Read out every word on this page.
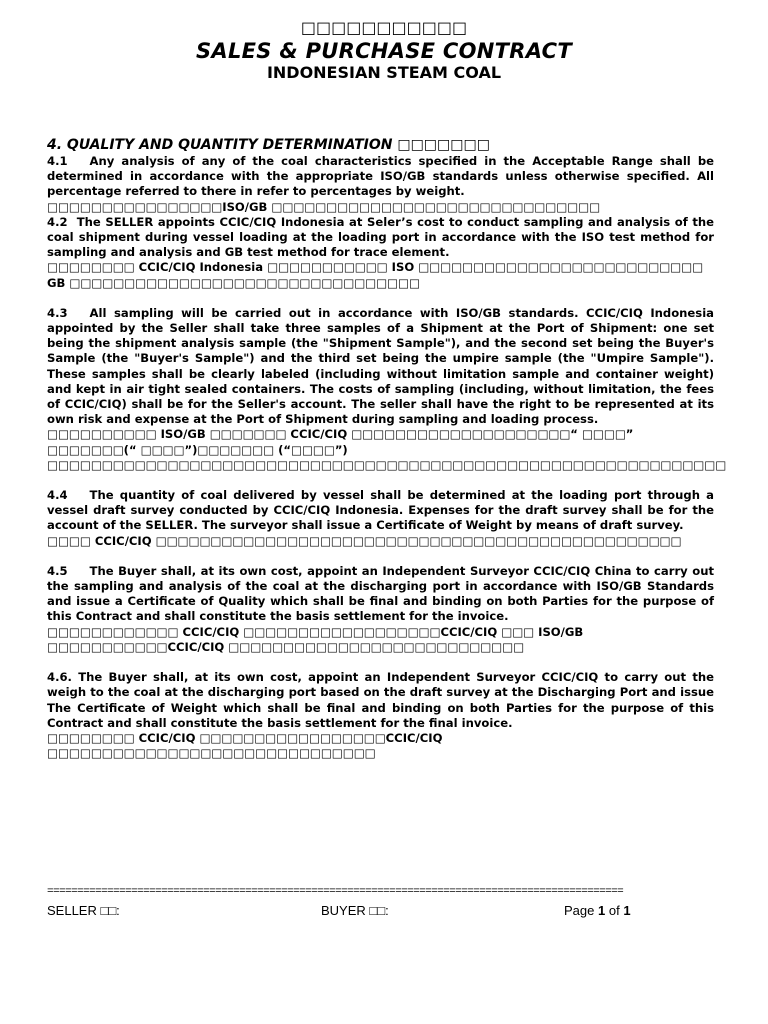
□□□□□□□□□□□
SALES & PURCHASE CONTRACT
INDONESIAN STEAM COAL
4. QUALITY AND QUANTITY DETERMINATION □□□□□□□

4.1 Any analysis of any of the coal characteristics specified in the Acceptable Range shall be determined in accordance with the appropriate ISO/GB standards unless otherwise specified. All percentage referred to there in refer to percentages by weight.

□□□□□□□□□□□□□□□□ISO/GB □□□□□□□□□□□□□□□□□□□□□□□□□□□□□□

4.2 The SELLER appoints CCIC/CIQ Indonesia at Seler’s cost to conduct sampling and analysis of the coal shipment during vessel loading at the loading port in accordance with the ISO test method for sampling and analysis and GB test method for trace element.

□□□□□□□□ CCIC/CIQ Indonesia □□□□□□□□□□□ ISO □□□□□□□□□□□□□□□□□□□□□□□□□□ GB □□□□□□□□□□□□□□□□□□□□□□□□□□□□□□□□

4.3 All sampling will be carried out in accordance with ISO/GB standards. CCIC/CIQ Indonesia appointed by the Seller shall take three samples of a Shipment at the Port of Shipment: one set being the shipment analysis sample (the "Shipment Sample"), and the second set being the Buyer's Sample (the "Buyer's Sample") and the third set being the umpire sample (the "Umpire Sample"). These samples shall be clearly labeled (including without limitation sample and container weight) and kept in air tight sealed containers. The costs of sampling (including, without limitation, the fees of CCIC/CIQ) shall be for the Seller's account. The seller shall have the right to be represented at its own risk and expense at the Port of Shipment during sampling and loading process.

□□□□□□□□□□ ISO/GB □□□□□□□ CCIC/CIQ □□□□□□□□□□□□□□□□□□□□“ □□□□” □□□□□□□(“ □□□□”)□□□□□□□ (“□□□□”) □□□□□□□□□□□□□□□□□□□□□□□□□□□□□□□□□□□□□□□□□□□□□□□□□□□□□□□□□□□□□□

4.4 The quantity of coal delivered by vessel shall be determined at the loading port through a vessel draft survey conducted by CCIC/CIQ Indonesia. Expenses for the draft survey shall be for the account of the SELLER. The surveyor shall issue a Certificate of Weight by means of draft survey.

□□□□ CCIC/CIQ □□□□□□□□□□□□□□□□□□□□□□□□□□□□□□□□□□□□□□□□□□□□□□□□

4.5 The Buyer shall, at its own cost, appoint an Independent Surveyor CCIC/CIQ China to carry out the sampling and analysis of the coal at the discharging port in accordance with ISO/GB Standards and issue a Certificate of Quality which shall be final and binding on both Parties for the purpose of this Contract and shall constitute the basis settlement for the invoice.

□□□□□□□□□□□□ CCIC/CIQ □□□□□□□□□□□□□□□□□□CCIC/CIQ □□□ ISO/GB □□□□□□□□□□□CCIC/CIQ □□□□□□□□□□□□□□□□□□□□□□□□□□□

4.6. The Buyer shall, at its own cost, appoint an Independent Surveyor CCIC/CIQ to carry out the weigh to the coal at the discharging port based on the draft survey at the Discharging Port and issue The Certificate of Weight which shall be final and binding on both Parties for the purpose of this Contract and shall constitute the basis settlement for the final invoice.

□□□□□□□□ CCIC/CIQ □□□□□□□□□□□□□□□□□CCIC/CIQ □□□□□□□□□□□□□□□□□□□□□□□□□□□□□□

================================================================================================
SELLER □□:	BUYER □□:	Page 1 of 1
